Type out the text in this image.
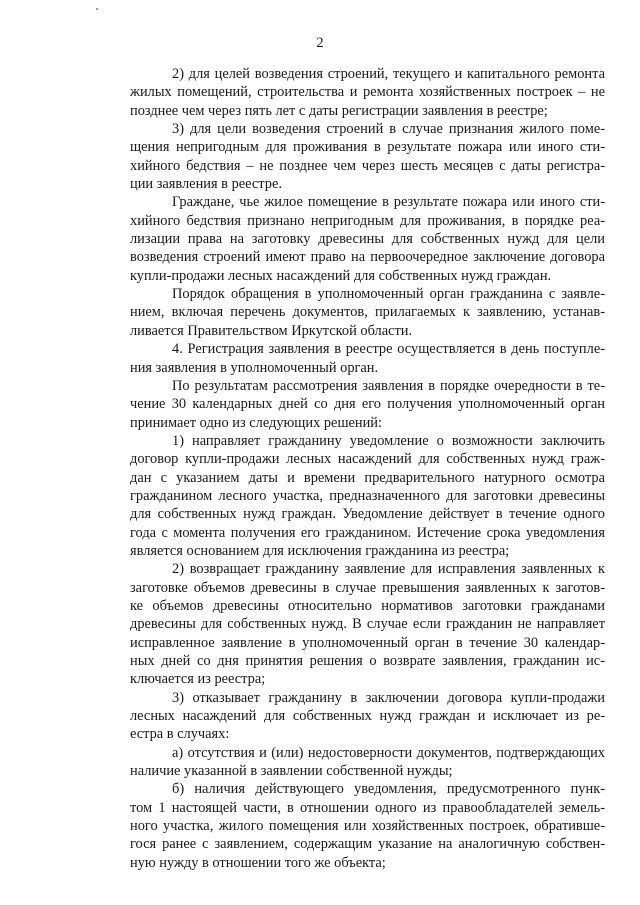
2
2) для целей возведения строений, текущего и капитального ремонта
жилых помещений, строительства и ремонта хозяйственных построек – не
позднее чем через пять лет с даты регистрации заявления в реестре;
3) для цели возведения строений в случае признания жилого поме-
щения непригодным для проживания в результате пожара или иного сти-
хийного бедствия – не позднее чем через шесть месяцев с даты регистра-
ции заявления в реестре.
Граждане, чье жилое помещение в результате пожара или иного сти-
хийного бедствия признано непригодным для проживания, в порядке реа-
лизации права на заготовку древесины для собственных нужд для цели
возведения строений имеют право на первоочередное заключение договора
купли-продажи лесных насаждений для собственных нужд граждан.
Порядок обращения в уполномоченный орган гражданина с заявле-
нием, включая перечень документов, прилагаемых к заявлению, устанав-
ливается Правительством Иркутской области.
4. Регистрация заявления в реестре осуществляется в день поступле-
ния заявления в уполномоченный орган.
По результатам рассмотрения заявления в порядке очередности в те-
чение 30 календарных дней со дня его получения уполномоченный орган
принимает одно из следующих решений:
1) направляет гражданину уведомление о возможности заключить
договор купли-продажи лесных насаждений для собственных нужд граж-
дан с указанием даты и времени предварительного натурного осмотра
гражданином лесного участка, предназначенного для заготовки древесины
для собственных нужд граждан. Уведомление действует в течение одного
года с момента получения его гражданином. Истечение срока уведомления
является основанием для исключения гражданина из реестра;
2) возвращает гражданину заявление для исправления заявленных к
заготовке объемов древесины в случае превышения заявленных к заготов-
ке объемов древесины относительно нормативов заготовки гражданами
древесины для собственных нужд. В случае если гражданин не направляет
исправленное заявление в уполномоченный орган в течение 30 календар-
ных дней со дня принятия решения о возврате заявления, гражданин ис-
ключается из реестра;
3) отказывает гражданину в заключении договора купли-продажи
лесных насаждений для собственных нужд граждан и исключает из ре-
естра в случаях:
а) отсутствия и (или) недостоверности документов, подтверждающих
наличие указанной в заявлении собственной нужды;
б) наличия действующего уведомления, предусмотренного пунк-
том 1 настоящей части, в отношении одного из правообладателей земель-
ного участка, жилого помещения или хозяйственных построек, обративше-
гося ранее с заявлением, содержащим указание на аналогичную собствен-
ную нужду в отношении того же объекта;
